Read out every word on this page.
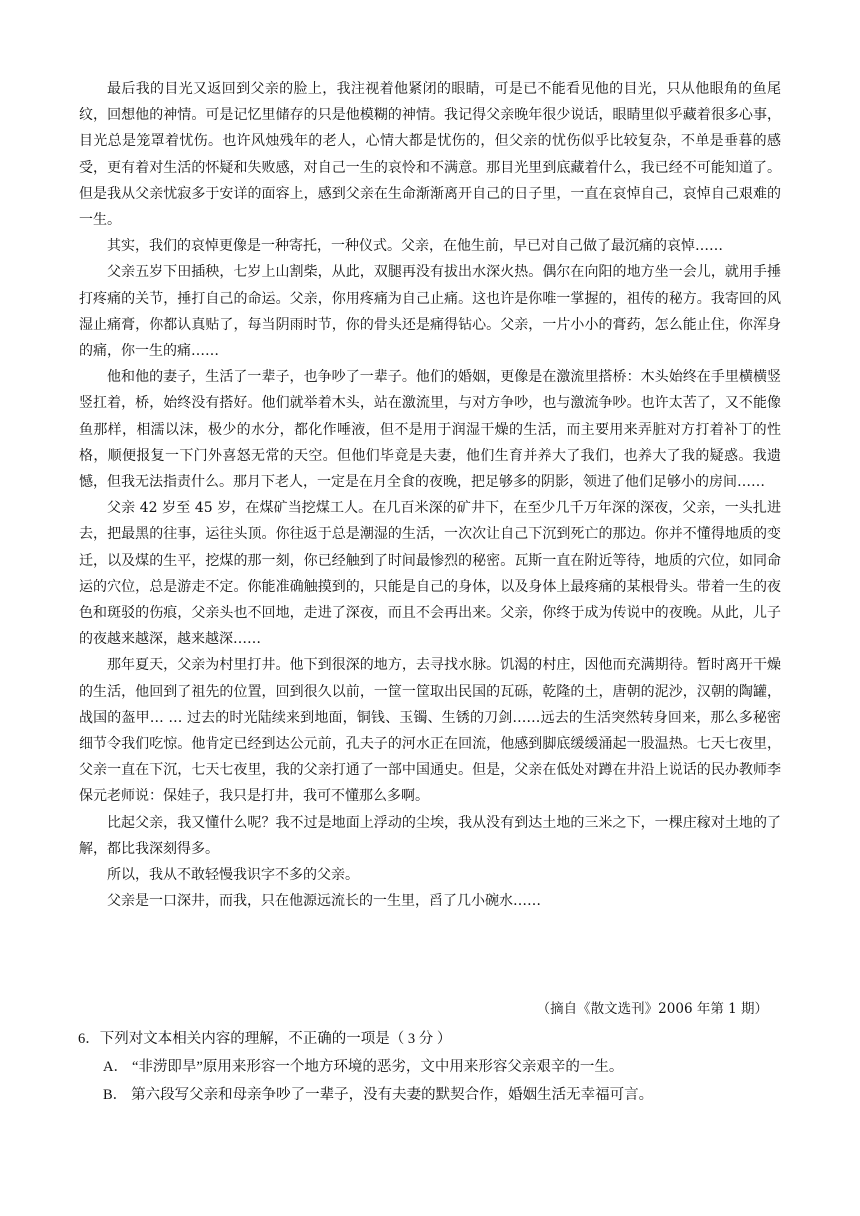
最后我的目光又返回到父亲的脸上，我注视着他紧闭的眼睛，可是已不能看见他的目光，只从他眼角的鱼尾纹，回想他的神情。可是记忆里储存的只是他模糊的神情。我记得父亲晚年很少说话，眼睛里似乎藏着很多心事，目光总是笼罩着忧伤。也许风烛残年的老人，心情大都是忧伤的，但父亲的忧伤似乎比较复杂，不单是垂暮的感受，更有着对生活的怀疑和失败感，对自己一生的哀怜和不满意。那目光里到底藏着什么，我已经不可能知道了。但是我从父亲忧寂多于安详的面容上，感到父亲在生命渐渐离开自己的日子里，一直在哀悼自己，哀悼自己艰难的一生。

其实，我们的哀悼更像是一种寄托，一种仪式。父亲，在他生前，早已对自己做了最沉痛的哀悼……

父亲五岁下田插秧，七岁上山割柴，从此，双腿再没有拔出水深火热。偶尔在向阳的地方坐一会儿，就用手捶打疼痛的关节，捶打自己的命运。父亲，你用疼痛为自己止痛。这也许是你唯一掌握的，祖传的秘方。我寄回的风湿止痛膏，你都认真贴了，每当阴雨时节，你的骨头还是痛得钻心。父亲，一片小小的膏药，怎么能止住，你浑身的痛，你一生的痛……

他和他的妻子，生活了一辈子，也争吵了一辈子。他们的婚姻，更像是在激流里搭桥：木头始终在手里横横竖竖扛着，桥，始终没有搭好。他们就举着木头，站在激流里，与对方争吵，也与激流争吵。也许太苦了，又不能像鱼那样，相濡以沫，极少的水分，都化作唾液，但不是用于润湿干燥的生活，而主要用来弄脏对方打着补丁的性格，顺便报复一下门外喜怒无常的天空。但他们毕竟是夫妻，他们生育并养大了我们，也养大了我的疑惑。我遗憾，但我无法指责什么。那月下老人，一定是在月全食的夜晚，把足够多的阴影，领进了他们足够小的房间……

父亲 42 岁至 45 岁，在煤矿当挖煤工人。在几百米深的矿井下，在至少几千万年深的深夜，父亲，一头扎进去，把最黑的往事，运往头顶。你往返于总是潮湿的生活，一次次让自己下沉到死亡的那边。你并不懂得地质的变迁，以及煤的生平，挖煤的那一刻，你已经触到了时间最惨烈的秘密。瓦斯一直在附近等待，地质的穴位，如同命运的穴位，总是游走不定。你能准确触摸到的，只能是自己的身体，以及身体上最疼痛的某根骨头。带着一生的夜色和斑驳的伤痕，父亲头也不回地，走进了深夜，而且不会再出来。父亲，你终于成为传说中的夜晚。从此，儿子的夜越来越深，越来越深……

那年夏天，父亲为村里打井。他下到很深的地方，去寻找水脉。饥渴的村庄，因他而充满期待。暂时离开干燥的生活，他回到了祖先的位置，回到很久以前，一筐一筐取出民国的瓦砾，乾隆的土，唐朝的泥沙，汉朝的陶罐，战国的盔甲… … 过去的时光陆续来到地面，铜钱、玉镯、生锈的刀剑……远去的生活突然转身回来，那么多秘密细节令我们吃惊。他肯定已经到达公元前，孔夫子的河水正在回流，他感到脚底缓缓涌起一股温热。七天七夜里，父亲一直在下沉，七天七夜里，我的父亲打通了一部中国通史。但是，父亲在低处对蹲在井沿上说话的民办教师李保元老师说：保娃子，我只是打井，我可不懂那么多啊。

比起父亲，我又懂什么呢？我不过是地面上浮动的尘埃，我从没有到达土地的三米之下，一棵庄稼对土地的了解，都比我深刻得多。

所以，我从不敢轻慢我识字不多的父亲。

父亲是一口深井，而我，只在他源远流长的一生里，舀了几小碗水……

（摘自《散文选刊》2006 年第 1 期）

6．下列对文本相关内容的理解，不正确的一项是（ 3 分 ）

A． “非涝即旱”原用来形容一个地方环境的恶劣，文中用来形容父亲艰辛的一生。

B． 第六段写父亲和母亲争吵了一辈子，没有夫妻的默契合作，婚姻生活无幸福可言。
